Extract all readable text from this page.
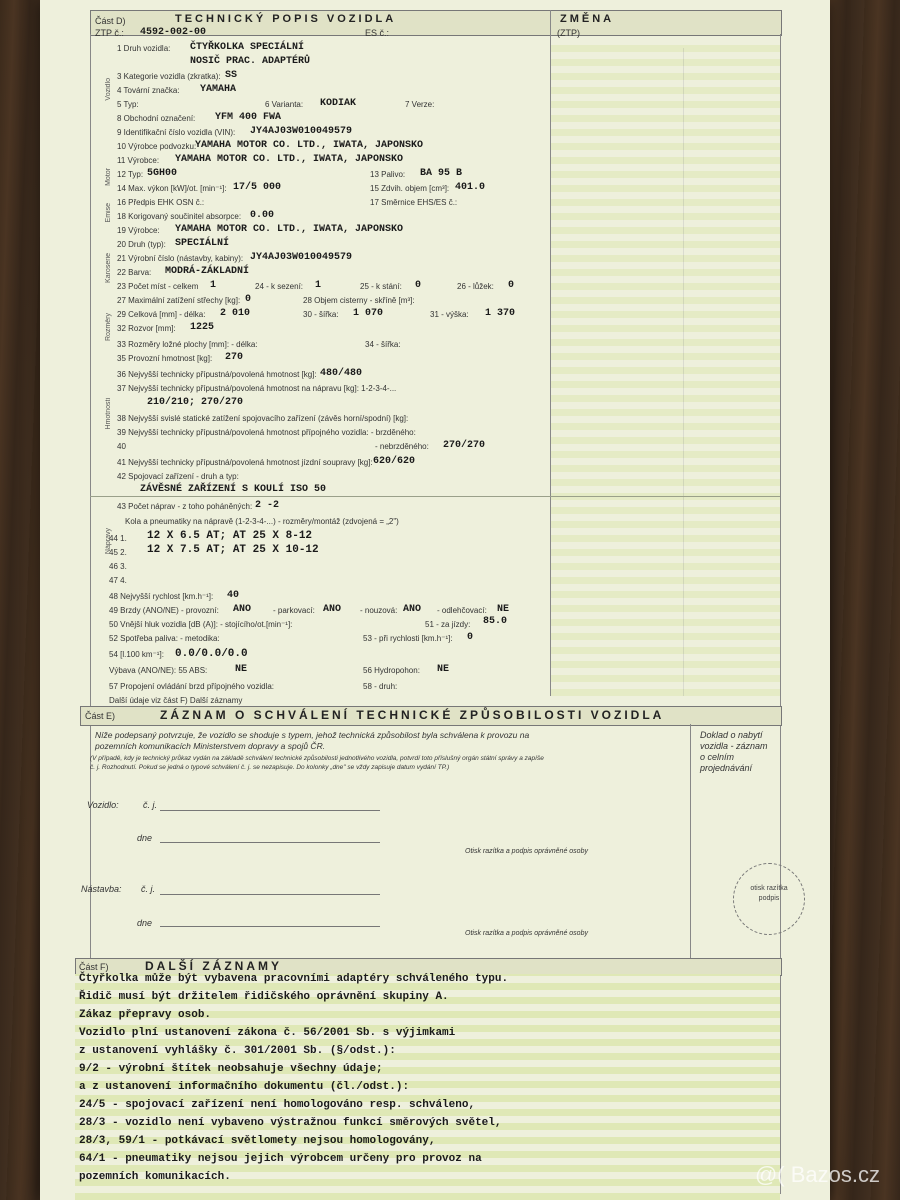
Část D)	TECHNICKÝ POPIS VOZIDLA	ZMĚNA
ZTP č.: 4592-002-00	ES č.:	(ZTP)
Vozidlo
Motor
Emise
Karoserie
Rozměry
Hmotnosti
Nápravy
1 Druh vozidla: ČTYŘKOLKA SPECIÁLNÍ
NOSIČ PRAC. ADAPTÉRŮ
3 Kategorie vozidla (zkratka): SS
4 Tovární značka: YAMAHA
5 Typ:	6 Varianta: KODIAK	7 Verze:
8 Obchodní označení: YFM 400 FWA
9 Identifikační číslo vozidla (VIN): JY4AJ03W010049579
10 Výrobce podvozku:
YAMAHA MOTOR CO. LTD., IWATA, JAPONSKO
11 Výrobce: YAMAHA MOTOR CO. LTD., IWATA, JAPONSKO
12 Typ: 5GH00	13 Palivo: BA 95 B
14 Max. výkon [kW]/ot. [min⁻¹]: 17/5 000	15 Zdvih. objem [cm³]: 401.0
16 Předpis EHK OSN č.:	17 Směrnice EHS/ES č.:
18 Korigovaný součinitel absorpce: 0.00
19 Výrobce: YAMAHA MOTOR CO. LTD., IWATA, JAPONSKO
20 Druh (typ): SPECIÁLNÍ
21 Výrobní číslo (nástavby, kabiny): JY4AJ03W010049579
22 Barva: MODRÁ-ZÁKLADNÍ
23 Počet míst - celkem 1	24 - k sezení: 1	25 - k stání: 0	26 - lůžek: 0
27 Maximální zatížení střechy [kg]: 0	28 Objem cisterny - skříně [m³]:
29 Celková [mm] - délka: 2 010	30 - šířka: 1 070	31 - výška: 1 370
32 Rozvor [mm]: 1225
33 Rozměry ložné plochy [mm]: - délka:	34 - šířka:
35 Provozní hmotnost [kg]: 270
36 Nejvyšší technicky přípustná/povolená hmotnost [kg]: 480/480
37 Nejvyšší technicky přípustná/povolená hmotnost na nápravu [kg]: 1-2-3-4-...
210/210; 270/270
38 Nejvyšší svislé statické zatížení spojovacího zařízení (závěs horní/spodní) [kg]:
39 Nejvyšší technicky přípustná/povolená hmotnost přípojného vozidla: - brzděného:
40	- nebrzděného: 270/270
41 Nejvyšší technicky přípustná/povolená hmotnost jízdní soupravy [kg]: 620/620
42 Spojovací zařízení - druh a typ:
ZÁVĚSNÉ ZAŘÍZENÍ S KOULÍ ISO 50
43 Počet náprav - z toho poháněných: 2 -2
Kola a pneumatiky na nápravě (1-2-3-4-...) - rozměry/montáž (zdvojená = „2")
44 1. 12 X 6.5 AT; AT 25 X 8-12
45 2. 12 X 7.5 AT; AT 25 X 10-12
46 3.
47 4.
48 Nejvyšší rychlost [km.h⁻¹]: 40
49 Brzdy (ANO/NE) - provozní: ANO	- parkovací: ANO - nouzová: ANO - odlehčovací: NE
50 Vnější hluk vozidla [dB (A)]: - stojícího/ot.[min⁻¹]:	51 - za jízdy: 85.0
52 Spotřeba paliva: - metodika:	53 - při rychlosti [km.h⁻¹]: 0
54 [l.100 km⁻¹]: 0.0/0.0/0.0
Výbava (ANO/NE): 55 ABS:	NE	56 Hydropohon: NE
57 Propojení ovládání brzd přípojného vozidla:	58 - druh:
Další údaje viz část F) Další záznamy
Část E)	ZÁZNAM O SCHVÁLENÍ TECHNICKÉ ZPŮSOBILOSTI VOZIDLA
Níže podepsaný potvrzuje, že vozidlo se shoduje s typem, jehož technická způsobilost byla schválena k provozu na
pozemních komunikacích Ministerstvem dopravy a spojů ČR.
(V případě, kdy je technický průkaz vydán na základě schválení technické způsobilosti jednotlivého vozidla, potvrdí toto příslušný orgán státní správy a zapíše
č. j. Rozhodnutí. Pokud se jedná o typové schválení č. j. se nezapisuje. Do kolonky „dne" se vždy zapisuje datum vydání TP.)
Doklad o nabytí vozidla - záznam o celním projednávání
Vozidlo:	č. j.
dne
Otisk razítka a podpis oprávněné osoby
Nástavba: č. j.
dne
Otisk razítka a podpis oprávněné osoby
otisk razítka podpis
Část F)	DALŠÍ ZÁZNAMY
Čtyřkolka může být vybavena pracovními adaptéry schváleného typu.
Řidič musí být držitelem řidičského oprávnění skupiny A.
Zákaz přepravy osob.
Vozidlo plní ustanovení zákona č. 56/2001 Sb. s výjimkami
z ustanovení vyhlášky č. 301/2001 Sb. (§/odst.):
9/2 - výrobní štítek neobsahuje všechny údaje;
a z ustanovení informačního dokumentu (čl./odst.):
24/5 - spojovací zařízení není homologováno resp. schváleno,
28/3 - vozidlo není vybaveno výstražnou funkcí směrových světel,
28/3, 59/1 - potkávací světlomety nejsou homologovány,
64/1 - pneumatiky nejsou jejich výrobcem určeny pro provoz na
pozemních komunikacích.	@( Bazos.cz
